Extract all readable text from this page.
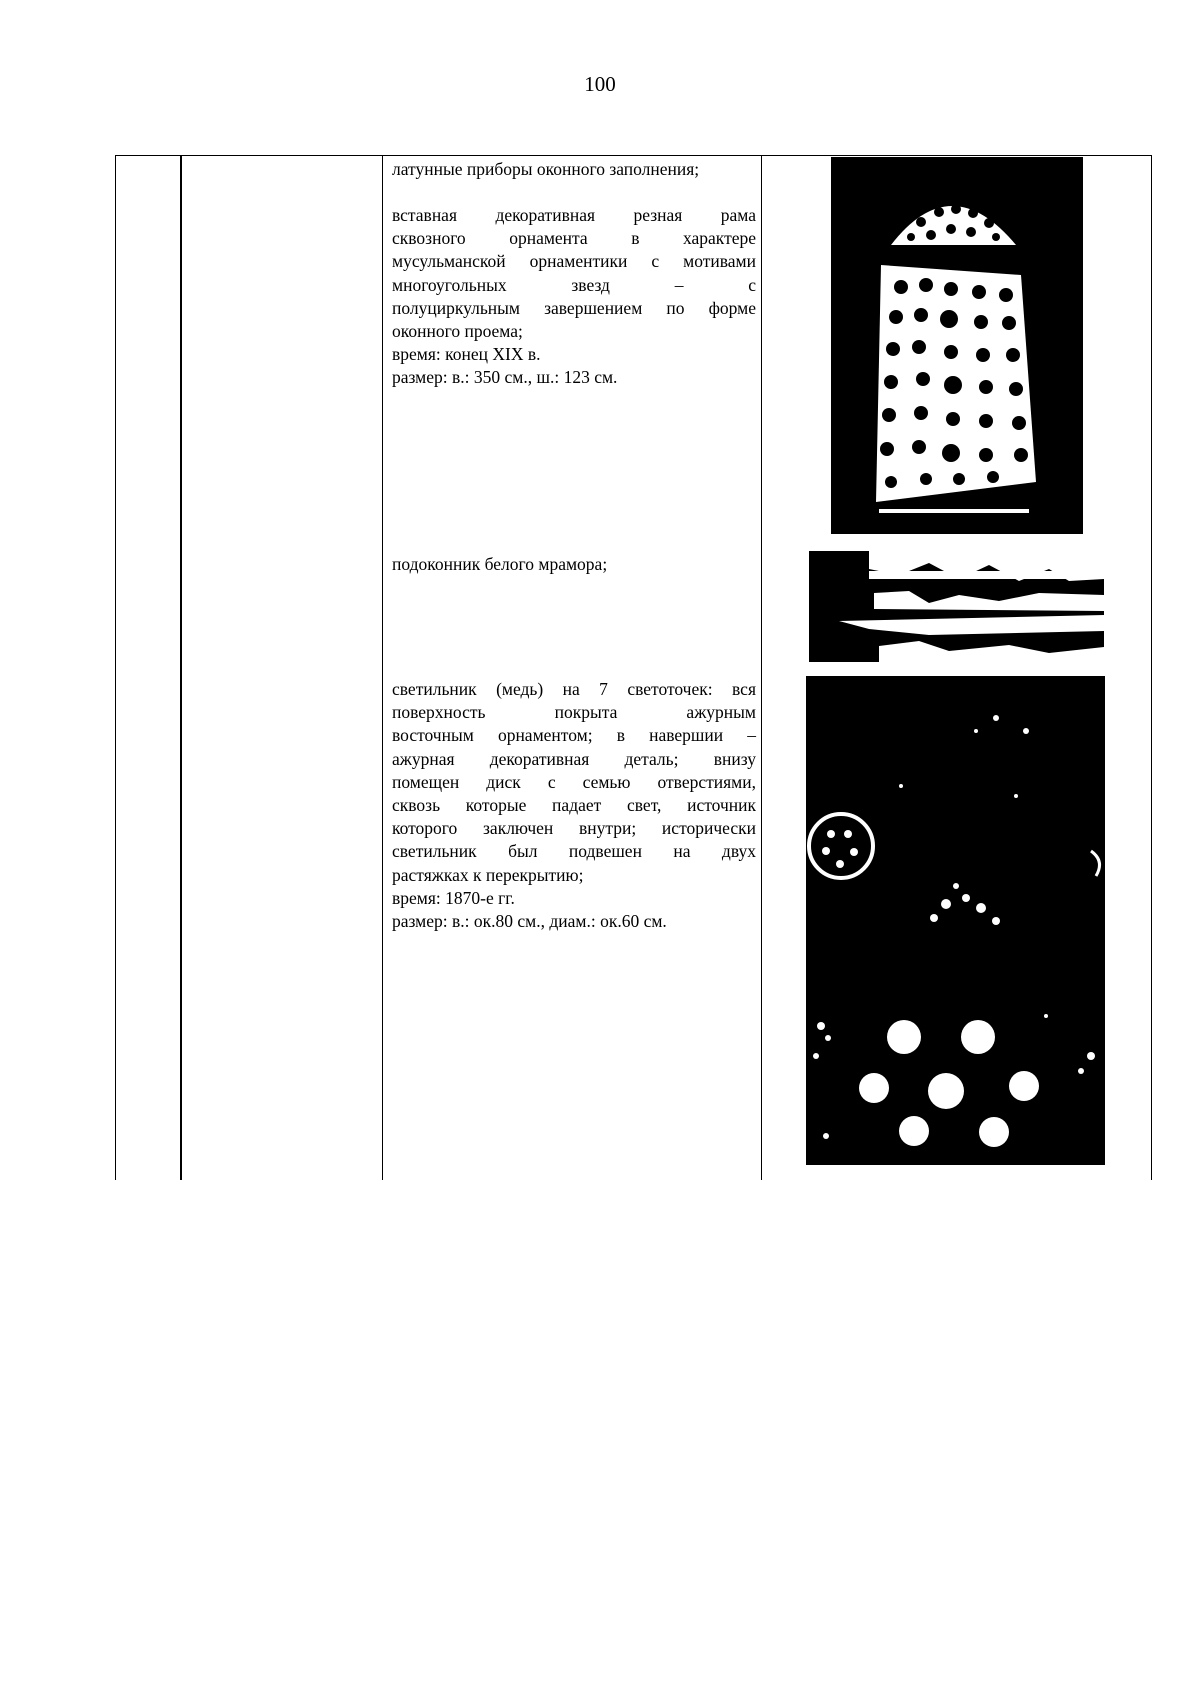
100

латунные приборы оконного заполнения;

вставная декоративная резная рама

сквозного орнамента в характере

мусульманской орнаментики с мотивами

многоугольных звезд – с

полуциркульным завершением по форме

оконного проема;

время: конец XIX в.

размер: в.: 350 см., ш.: 123 см.

подоконник белого мрамора;

светильник (медь) на 7 светоточек: вся

поверхность покрыта ажурным

восточным орнаментом; в навершии –

ажурная декоративная деталь; внизу

помещен диск с семью отверстиями,

сквозь которые падает свет, источник

которого заключен внутри; исторически

светильник был подвешен на двух

растяжках к перекрытию;

время: 1870-е гг.

размер: в.: ок.80 см., диам.: ок.60 см.
